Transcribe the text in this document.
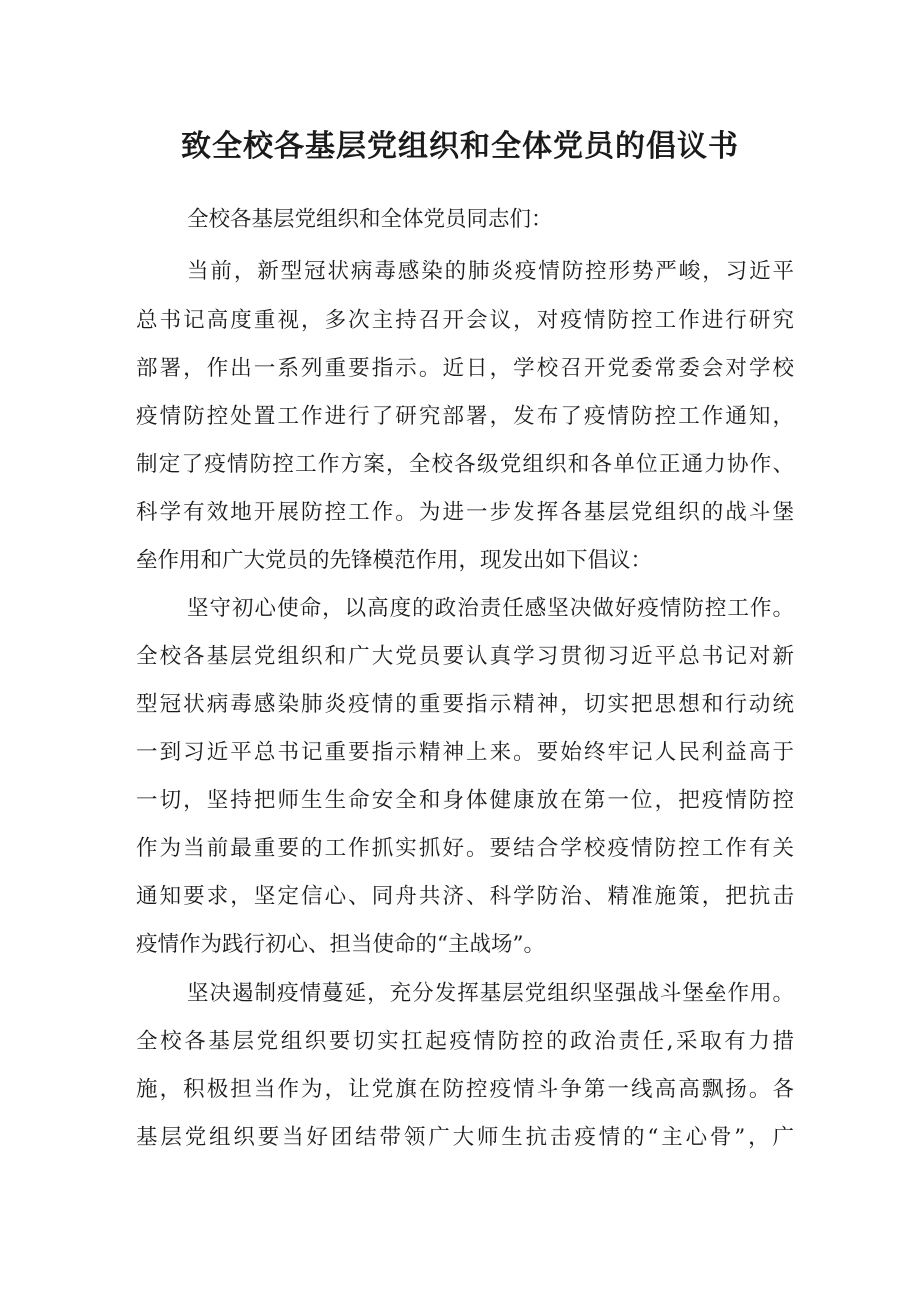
致全校各基层党组织和全体党员的倡议书

全校各基层党组织和全体党员同志们：

当前，新型冠状病毒感染的肺炎疫情防控形势严峻，习近平

总书记高度重视，多次主持召开会议，对疫情防控工作进行研究

部署，作出一系列重要指示。近日，学校召开党委常委会对学校

疫情防控处置工作进行了研究部署，发布了疫情防控工作通知，

制定了疫情防控工作方案，全校各级党组织和各单位正通力协作、

科学有效地开展防控工作。为进一步发挥各基层党组织的战斗堡

垒作用和广大党员的先锋模范作用，现发出如下倡议：

坚守初心使命，以高度的政治责任感坚决做好疫情防控工作。

全校各基层党组织和广大党员要认真学习贯彻习近平总书记对新

型冠状病毒感染肺炎疫情的重要指示精神，切实把思想和行动统

一到习近平总书记重要指示精神上来。要始终牢记人民利益高于

一切，坚持把师生生命安全和身体健康放在第一位，把疫情防控

作为当前最重要的工作抓实抓好。要结合学校疫情防控工作有关

通知要求，坚定信心、同舟共济、科学防治、精准施策，把抗击

疫情作为践行初心、担当使命的“主战场”。

坚决遏制疫情蔓延，充分发挥基层党组织坚强战斗堡垒作用。

全校各基层党组织要切实扛起疫情防控的政治责任,采取有力措

施，积极担当作为，让党旗在防控疫情斗争第一线高高飘扬。各

基层党组织要当好团结带领广大师生抗击疫情的“主心骨”，广
